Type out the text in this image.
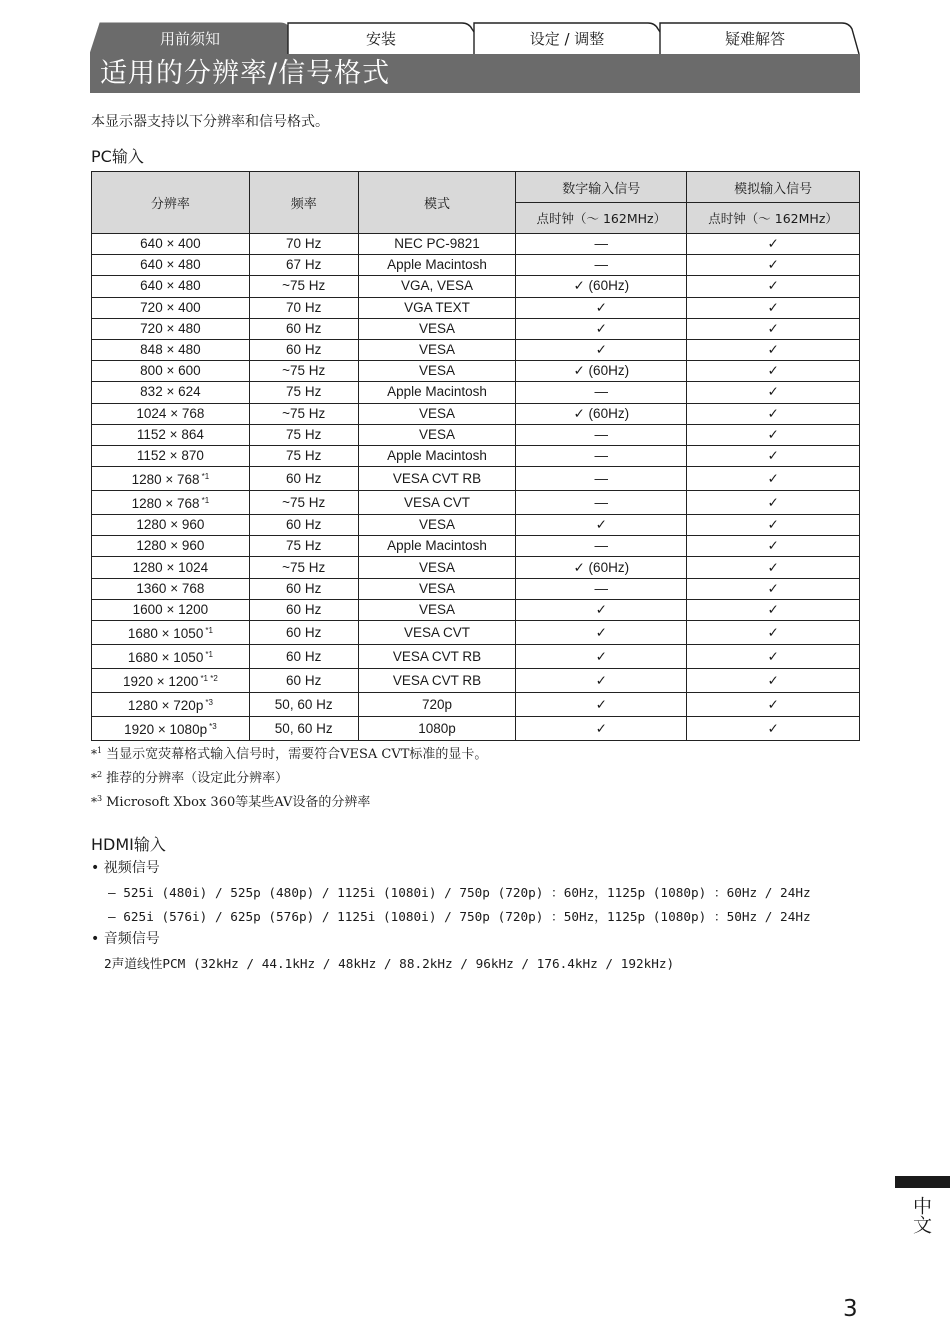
用前须知	安装	设定 / 调整	疑难解答
适用的分辨率/信号格式
本显示器支持以下分辨率和信号格式。
PC输入
分辨率	频率	模式	数字输入信号	模拟输入信号
			点时钟（～ 162MHz）	点时钟（～ 162MHz）
640 × 400	70 Hz	NEC PC-9821	—	✓
640 × 480	67 Hz	Apple Macintosh	—	✓
640 × 480	~75 Hz	VGA, VESA	✓ (60Hz)	✓
720 × 400	70 Hz	VGA TEXT	✓	✓
720 × 480	60 Hz	VESA	✓	✓
848 × 480	60 Hz	VESA	✓	✓
800 × 600	~75 Hz	VESA	✓ (60Hz)	✓
832 × 624	75 Hz	Apple Macintosh	—	✓
1024 × 768	~75 Hz	VESA	✓ (60Hz)	✓
1152 × 864	75 Hz	VESA	—	✓
1152 × 870	75 Hz	Apple Macintosh	—	✓
1280 × 768 $^{*1}$	60 Hz	VESA CVT RB	—	✓
1280 × 768 $^{*1}$	~75 Hz	VESA CVT	—	✓
1280 × 960	60 Hz	VESA	✓	✓
1280 × 960	75 Hz	Apple Macintosh	—	✓
1280 × 1024	~75 Hz	VESA	✓ (60Hz)	✓
1360 × 768	60 Hz	VESA	—	✓
1600 × 1200	60 Hz	VESA	✓	✓
1680 × 1050 $^{*1}$	60 Hz	VESA CVT	✓	✓
1680 × 1050 $^{*1}$	60 Hz	VESA CVT RB	✓	✓
1920 × 1200 $^{*1 *2}$	60 Hz	VESA CVT RB	✓	✓
1280 × 720p $^{*3}$	50, 60 Hz	720p	✓	✓
1920 × 1080p $^{*3}$	50, 60 Hz	1080p	✓	✓
*$^1$ 当显示宽荧幕格式输入信号时，需要符合VESA CVT标准的显卡。
*$^2$ 推荐的分辨率（设定此分辨率）
*$^3$ Microsoft Xbox 360等某些AV设备的分辨率
HDMI输入
• 视频信号
– 525i (480i) / 525p (480p) / 1125i (1080i) / 750p (720p) ：60Hz，1125p (1080p) ：60Hz / 24Hz
– 625i (576i) / 625p (576p) / 1125i (1080i) / 750p (720p) ：50Hz，1125p (1080p) ：50Hz / 24Hz
• 音频信号
2声道线性PCM (32kHz / 44.1kHz / 48kHz / 88.2kHz / 96kHz / 176.4kHz / 192kHz)
中文
3
